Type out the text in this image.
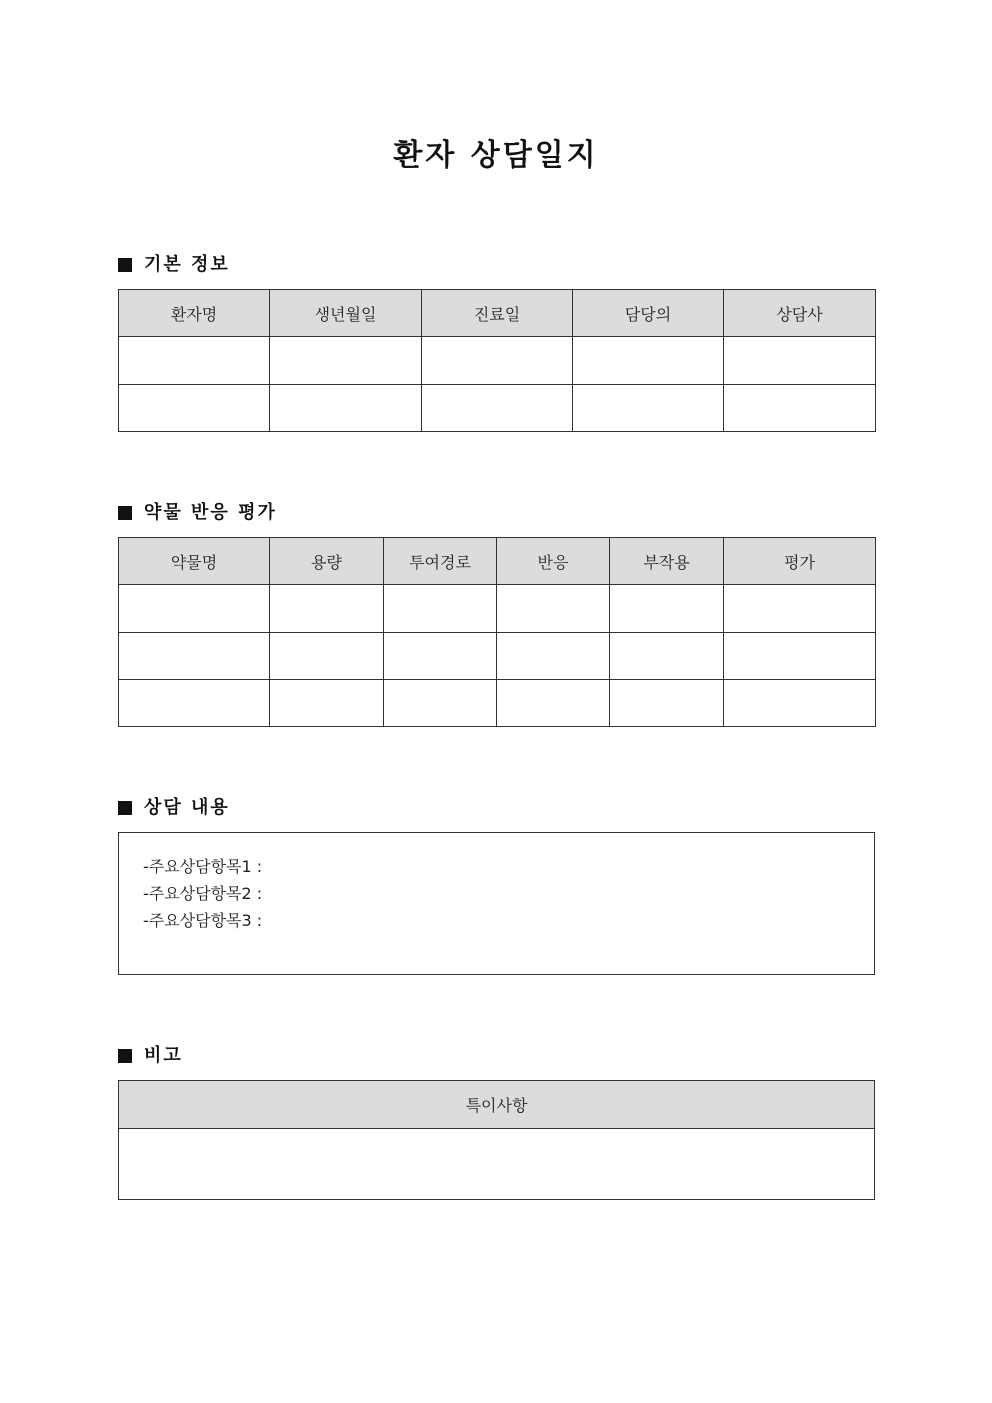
환자 상담일지
기본 정보
환자명	생년월일	진료일	담당의	상담사

약물 반응 평가
약물명	용량	투여경로	반응	부작용	평가

상담 내용
-주요상담항목1 :
-주요상담항목2 :
-주요상담항목3 :
비고
특이사항
